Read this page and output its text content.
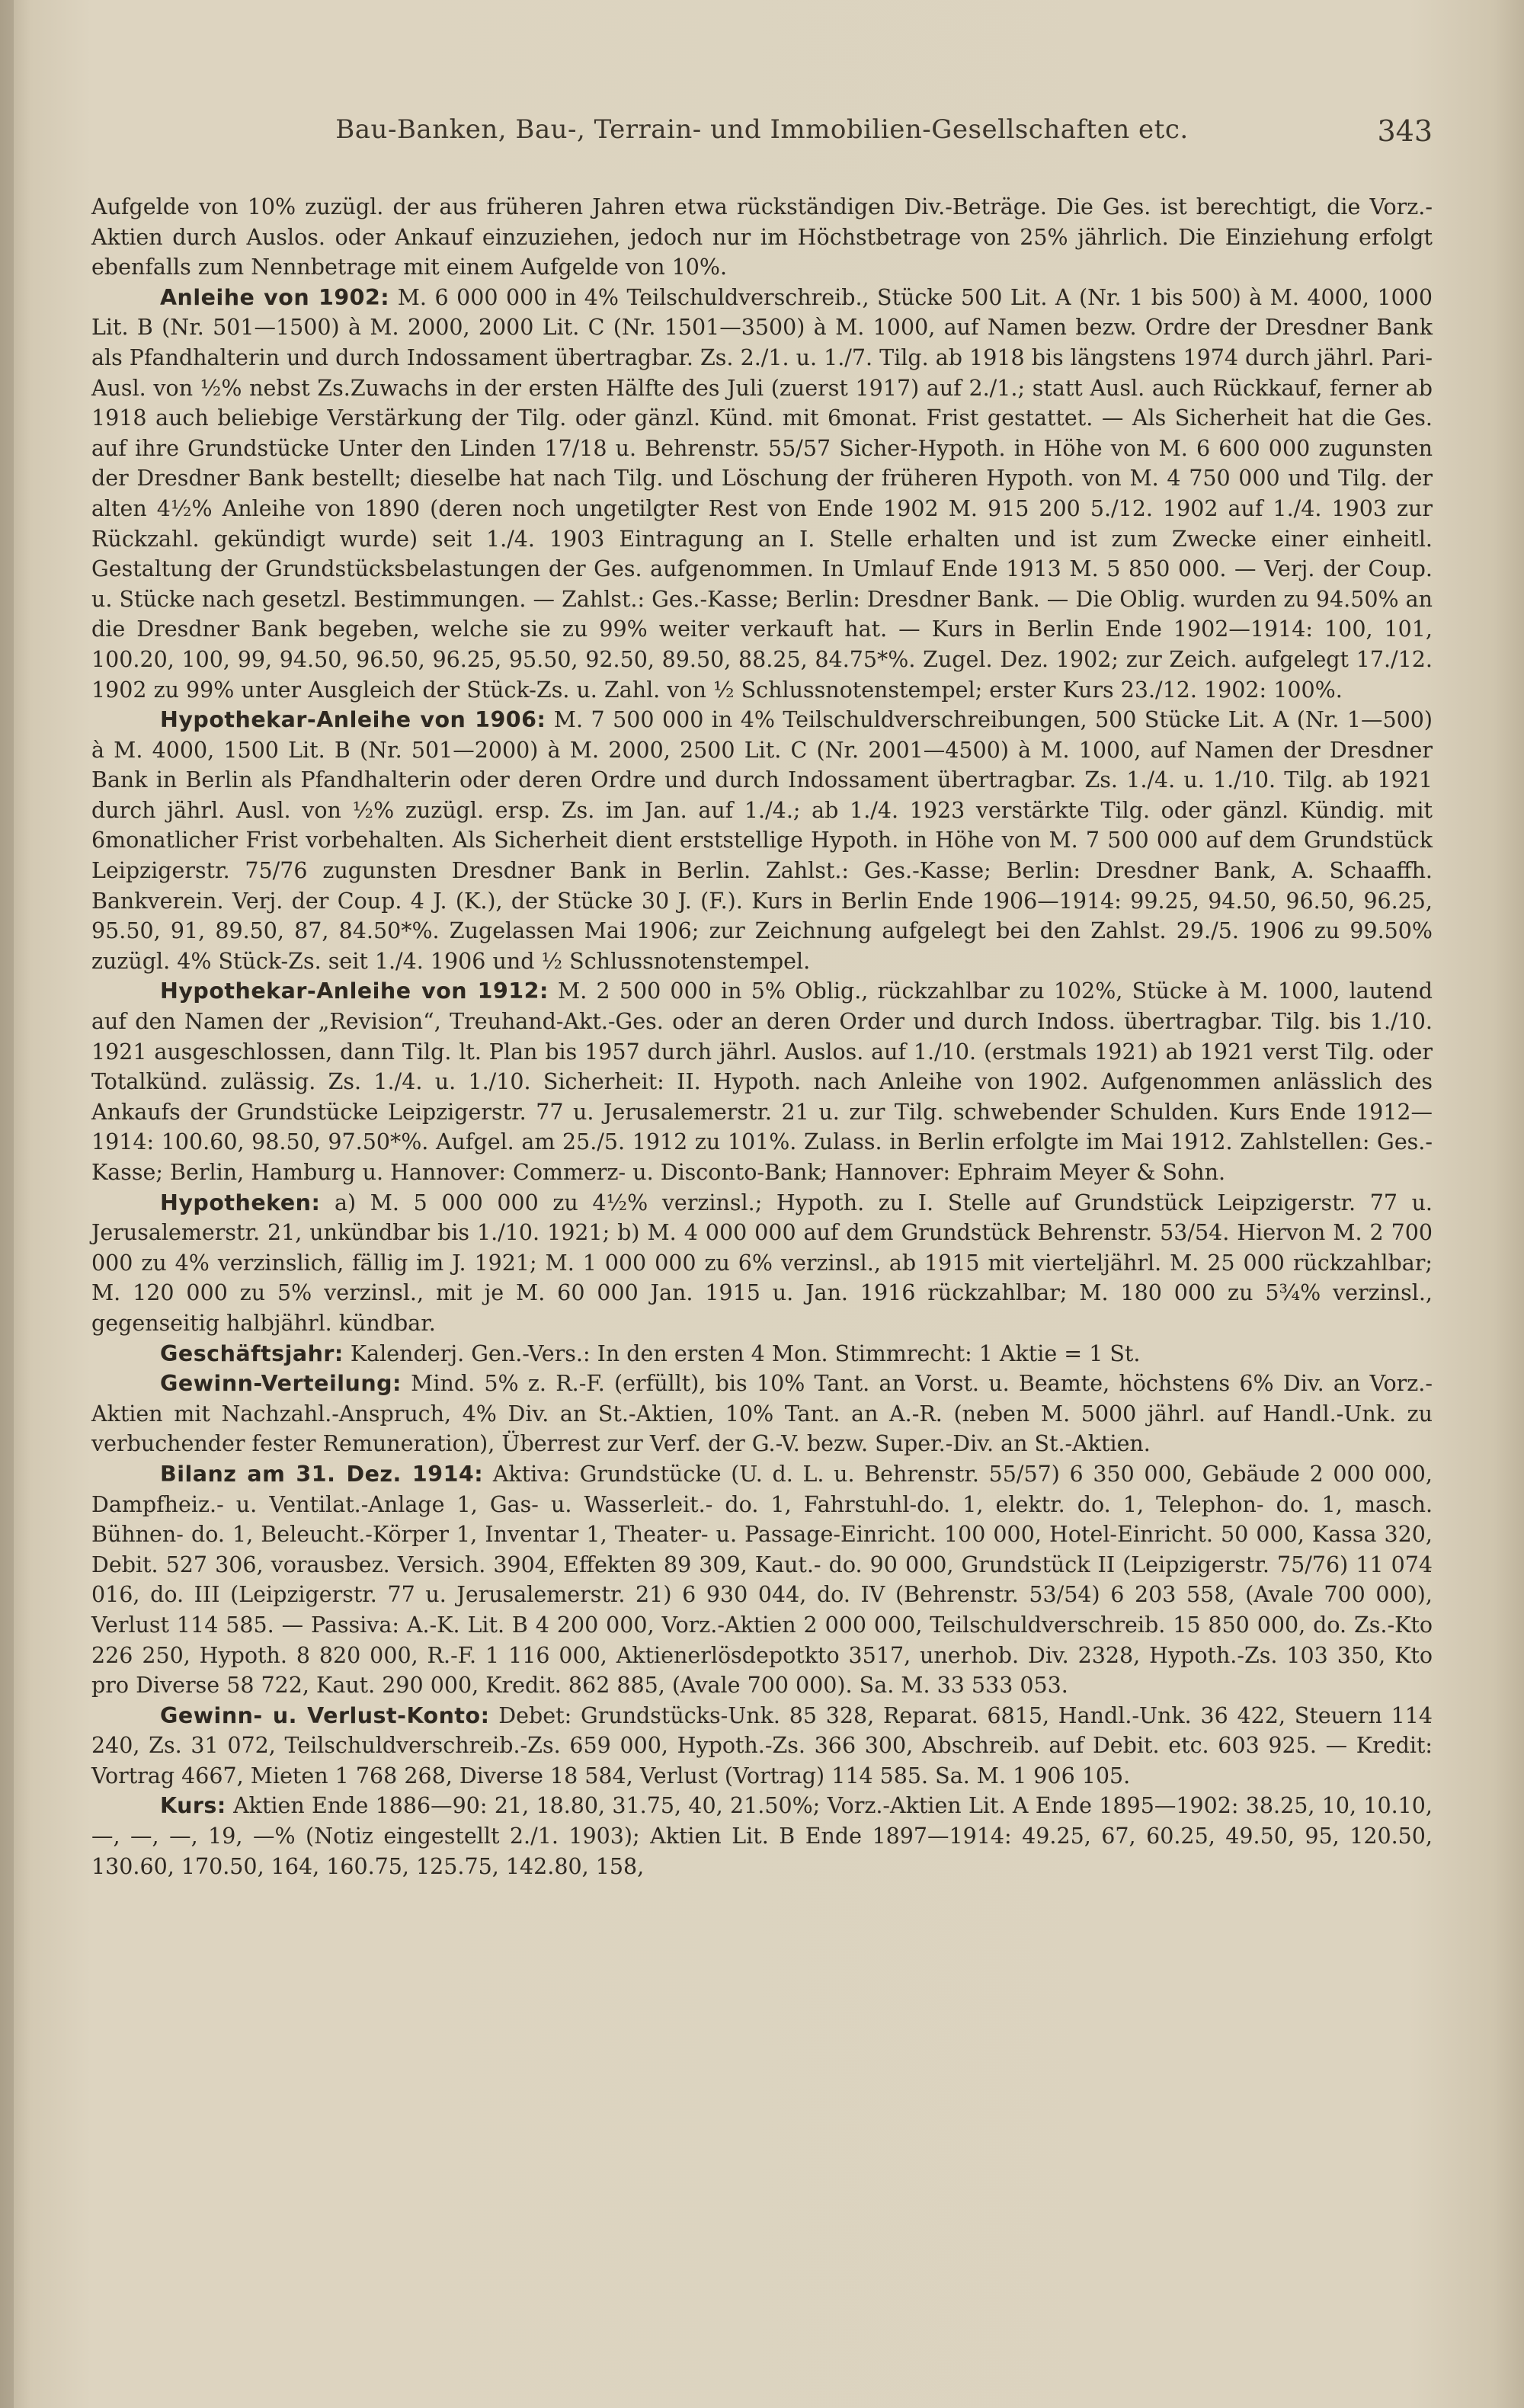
Bau-Banken, Bau-, Terrain- und Immobilien-Gesellschaften etc.	343

Aufgelde von 10% zuzügl. der aus früheren Jahren etwa rückständigen Div.-Beträge. Die Ges. ist berechtigt, die Vorz.-Aktien durch Auslos. oder Ankauf einzuziehen, jedoch nur im Höchstbetrage von 25% jährlich. Die Einziehung erfolgt ebenfalls zum Nennbetrage mit einem Aufgelde von 10%.

Anleihe von 1902: M. 6 000 000 in 4% Teilschuldverschreib., Stücke 500 Lit. A (Nr. 1 bis 500) à M. 4000, 1000 Lit. B (Nr. 501—1500) à M. 2000, 2000 Lit. C (Nr. 1501—3500) à M. 1000, auf Namen bezw. Ordre der Dresdner Bank als Pfandhalterin und durch Indossament übertragbar. Zs. 2./1. u. 1./7. Tilg. ab 1918 bis längstens 1974 durch jährl. Pari-Ausl. von ½% nebst Zs.Zuwachs in der ersten Hälfte des Juli (zuerst 1917) auf 2./1.; statt Ausl. auch Rückkauf, ferner ab 1918 auch beliebige Verstärkung der Tilg. oder gänzl. Künd. mit 6monat. Frist gestattet. — Als Sicherheit hat die Ges. auf ihre Grundstücke Unter den Linden 17/18 u. Behrenstr. 55/57 Sicher-Hypoth. in Höhe von M. 6 600 000 zugunsten der Dresdner Bank bestellt; dieselbe hat nach Tilg. und Löschung der früheren Hypoth. von M. 4 750 000 und Tilg. der alten 4½% Anleihe von 1890 (deren noch ungetilgter Rest von Ende 1902 M. 915 200 5./12. 1902 auf 1./4. 1903 zur Rückzahl. gekündigt wurde) seit 1./4. 1903 Eintragung an I. Stelle erhalten und ist zum Zwecke einer einheitl. Gestaltung der Grundstücksbelastungen der Ges. aufgenommen. In Umlauf Ende 1913 M. 5 850 000. — Verj. der Coup. u. Stücke nach gesetzl. Bestimmungen. — Zahlst.: Ges.-Kasse; Berlin: Dresdner Bank. — Die Oblig. wurden zu 94.50% an die Dresdner Bank begeben, welche sie zu 99% weiter verkauft hat. — Kurs in Berlin Ende 1902—1914: 100, 101, 100.20, 100, 99, 94.50, 96.50, 96.25, 95.50, 92.50, 89.50, 88.25, 84.75*%. Zugel. Dez. 1902; zur Zeich. aufgelegt 17./12. 1902 zu 99% unter Ausgleich der Stück-Zs. u. Zahl. von ½ Schlussnotenstempel; erster Kurs 23./12. 1902: 100%.

Hypothekar-Anleihe von 1906: M. 7 500 000 in 4% Teilschuldverschreibungen, 500 Stücke Lit. A (Nr. 1—500) à M. 4000, 1500 Lit. B (Nr. 501—2000) à M. 2000, 2500 Lit. C (Nr. 2001—4500) à M. 1000, auf Namen der Dresdner Bank in Berlin als Pfandhalterin oder deren Ordre und durch Indossament übertragbar. Zs. 1./4. u. 1./10. Tilg. ab 1921 durch jährl. Ausl. von ½% zuzügl. ersp. Zs. im Jan. auf 1./4.; ab 1./4. 1923 verstärkte Tilg. oder gänzl. Kündig. mit 6monatlicher Frist vorbehalten. Als Sicherheit dient erststellige Hypoth. in Höhe von M. 7 500 000 auf dem Grundstück Leipzigerstr. 75/76 zugunsten Dresdner Bank in Berlin. Zahlst.: Ges.-Kasse; Berlin: Dresdner Bank, A. Schaaffh. Bankverein. Verj. der Coup. 4 J. (K.), der Stücke 30 J. (F.). Kurs in Berlin Ende 1906—1914: 99.25, 94.50, 96.50, 96.25, 95.50, 91, 89.50, 87, 84.50*%. Zugelassen Mai 1906; zur Zeichnung aufgelegt bei den Zahlst. 29./5. 1906 zu 99.50% zuzügl. 4% Stück-Zs. seit 1./4. 1906 und ½ Schlussnotenstempel.

Hypothekar-Anleihe von 1912: M. 2 500 000 in 5% Oblig., rückzahlbar zu 102%, Stücke à M. 1000, lautend auf den Namen der „Revision“, Treuhand-Akt.-Ges. oder an deren Order und durch Indoss. übertragbar. Tilg. bis 1./10. 1921 ausgeschlossen, dann Tilg. lt. Plan bis 1957 durch jährl. Auslos. auf 1./10. (erstmals 1921) ab 1921 verst Tilg. oder Totalkünd. zulässig. Zs. 1./4. u. 1./10. Sicherheit: II. Hypoth. nach Anleihe von 1902. Aufgenommen anlässlich des Ankaufs der Grundstücke Leipzigerstr. 77 u. Jerusalemerstr. 21 u. zur Tilg. schwebender Schulden. Kurs Ende 1912—1914: 100.60, 98.50, 97.50*%. Aufgel. am 25./5. 1912 zu 101%. Zulass. in Berlin erfolgte im Mai 1912. Zahlstellen: Ges.-Kasse; Berlin, Hamburg u. Hannover: Commerz- u. Disconto-Bank; Hannover: Ephraim Meyer & Sohn.

Hypotheken: a) M. 5 000 000 zu 4½% verzinsl.; Hypoth. zu I. Stelle auf Grundstück Leipzigerstr. 77 u. Jerusalemerstr. 21, unkündbar bis 1./10. 1921; b) M. 4 000 000 auf dem Grundstück Behrenstr. 53/54. Hiervon M. 2 700 000 zu 4% verzinslich, fällig im J. 1921; M. 1 000 000 zu 6% verzinsl., ab 1915 mit vierteljährl. M. 25 000 rückzahlbar; M. 120 000 zu 5% verzinsl., mit je M. 60 000 Jan. 1915 u. Jan. 1916 rückzahlbar; M. 180 000 zu 5¾% verzinsl., gegenseitig halbjährl. kündbar.

Geschäftsjahr: Kalenderj. Gen.-Vers.: In den ersten 4 Mon. Stimmrecht: 1 Aktie = 1 St.

Gewinn-Verteilung: Mind. 5% z. R.-F. (erfüllt), bis 10% Tant. an Vorst. u. Beamte, höchstens 6% Div. an Vorz.-Aktien mit Nachzahl.-Anspruch, 4% Div. an St.-Aktien, 10% Tant. an A.-R. (neben M. 5000 jährl. auf Handl.-Unk. zu verbuchender fester Remuneration), Überrest zur Verf. der G.-V. bezw. Super.-Div. an St.-Aktien.

Bilanz am 31. Dez. 1914: Aktiva: Grundstücke (U. d. L. u. Behrenstr. 55/57) 6 350 000, Gebäude 2 000 000, Dampfheiz.- u. Ventilat.-Anlage 1, Gas- u. Wasserleit.- do. 1, Fahrstuhl-do. 1, elektr. do. 1, Telephon- do. 1, masch. Bühnen- do. 1, Beleucht.-Körper 1, Inventar 1, Theater- u. Passage-Einricht. 100 000, Hotel-Einricht. 50 000, Kassa 320, Debit. 527 306, vorausbez. Versich. 3904, Effekten 89 309, Kaut.- do. 90 000, Grundstück II (Leipzigerstr. 75/76) 11 074 016, do. III (Leipzigerstr. 77 u. Jerusalemerstr. 21) 6 930 044, do. IV (Behrenstr. 53/54) 6 203 558, (Avale 700 000), Verlust 114 585. — Passiva: A.-K. Lit. B 4 200 000, Vorz.-Aktien 2 000 000, Teilschuldverschreib. 15 850 000, do. Zs.-Kto 226 250, Hypoth. 8 820 000, R.-F. 1 116 000, Aktienerlösdepotkto 3517, unerhob. Div. 2328, Hypoth.-Zs. 103 350, Kto pro Diverse 58 722, Kaut. 290 000, Kredit. 862 885, (Avale 700 000). Sa. M. 33 533 053.

Gewinn- u. Verlust-Konto: Debet: Grundstücks-Unk. 85 328, Reparat. 6815, Handl.-Unk. 36 422, Steuern 114 240, Zs. 31 072, Teilschuldverschreib.-Zs. 659 000, Hypoth.-Zs. 366 300, Abschreib. auf Debit. etc. 603 925. — Kredit: Vortrag 4667, Mieten 1 768 268, Diverse 18 584, Verlust (Vortrag) 114 585. Sa. M. 1 906 105.

Kurs: Aktien Ende 1886—90: 21, 18.80, 31.75, 40, 21.50%; Vorz.-Aktien Lit. A Ende 1895—1902: 38.25, 10, 10.10, —, —, —, 19, —% (Notiz eingestellt 2./1. 1903); Aktien Lit. B Ende 1897—1914: 49.25, 67, 60.25, 49.50, 95, 120.50, 130.60, 170.50, 164, 160.75, 125.75, 142.80, 158,
